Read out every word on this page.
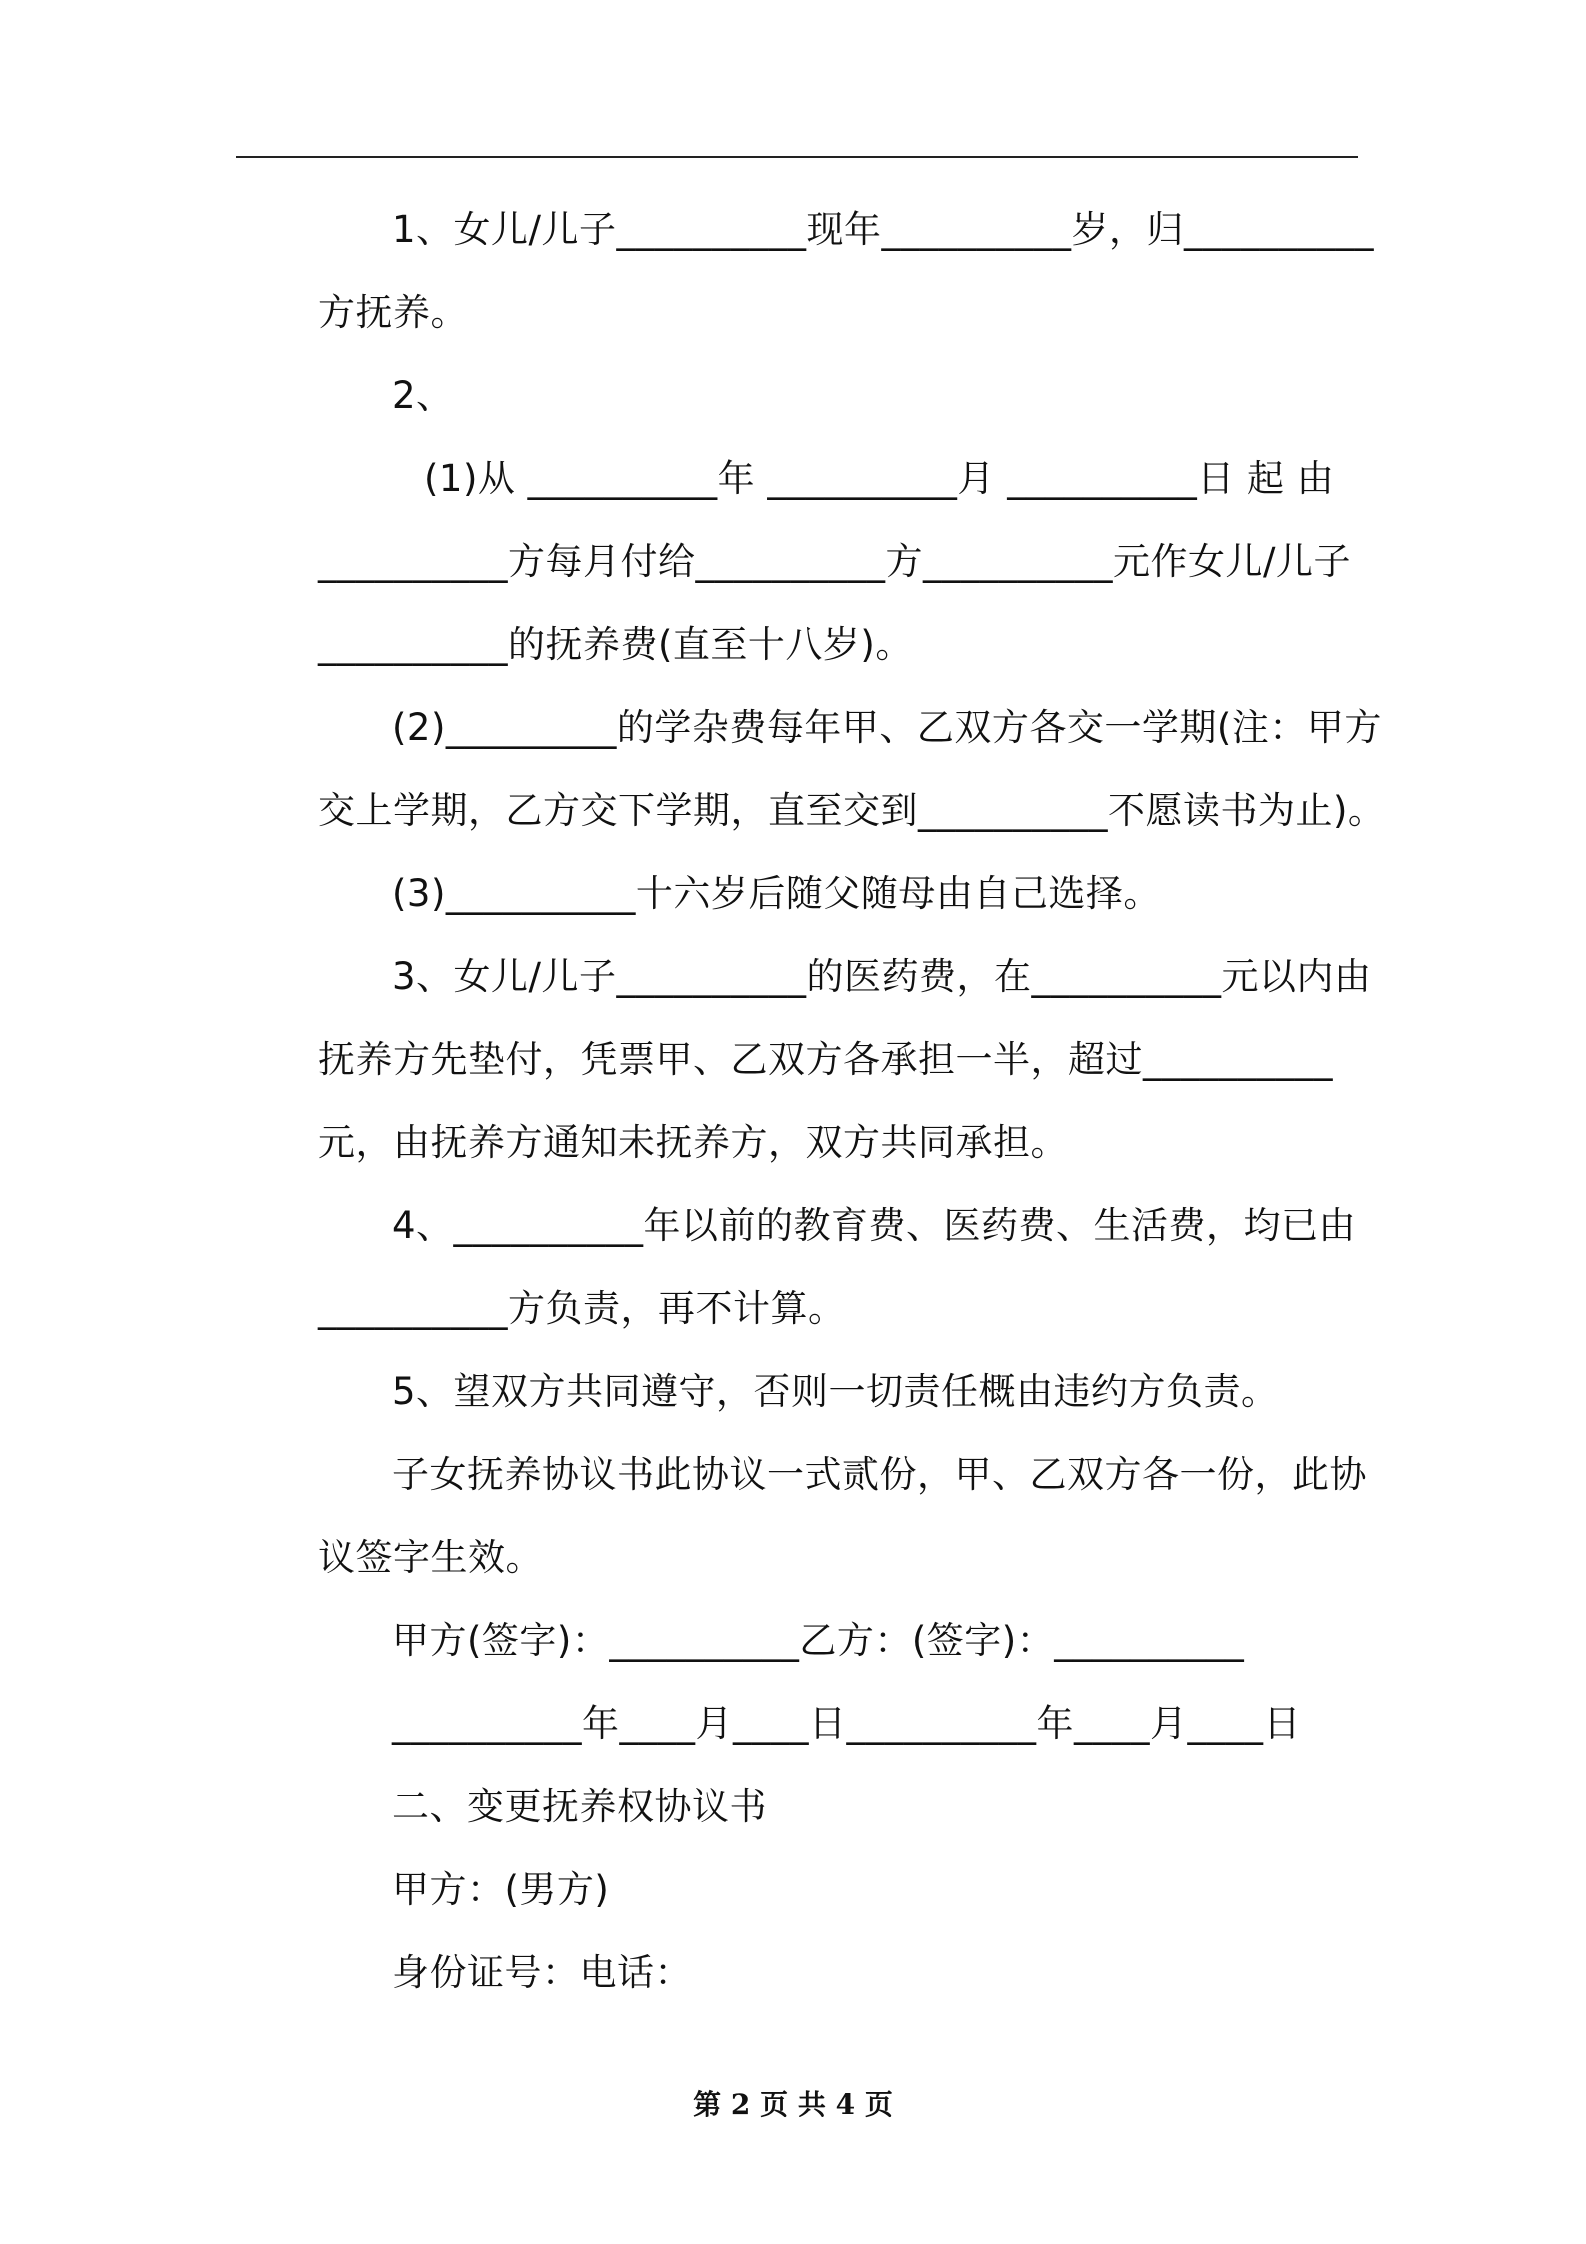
1、女儿/儿子__________现年__________岁，归__________
方抚养。
2、
(1)从 __________年 __________月 __________日 起 由
__________方每月付给__________方__________元作女儿/儿子
__________的抚养费(直至十八岁)。
(2)_________的学杂费每年甲、乙双方各交一学期(注：甲方
交上学期，乙方交下学期，直至交到__________不愿读书为止)。
(3)__________十六岁后随父随母由自己选择。
3、女儿/儿子__________的医药费，在__________元以内由
抚养方先垫付，凭票甲、乙双方各承担一半，超过__________
元，由抚养方通知未抚养方，双方共同承担。
4、__________年以前的教育费、医药费、生活费，均已由
__________方负责，再不计算。
5、望双方共同遵守，否则一切责任概由违约方负责。
子女抚养协议书此协议一式贰份，甲、乙双方各一份，此协
议签字生效。
甲方(签字)：__________乙方：(签字)：__________
__________年____月____日__________年____月____日
二、变更抚养权协议书
甲方：(男方)
身份证号：电话：
第 2 页 共 4 页
